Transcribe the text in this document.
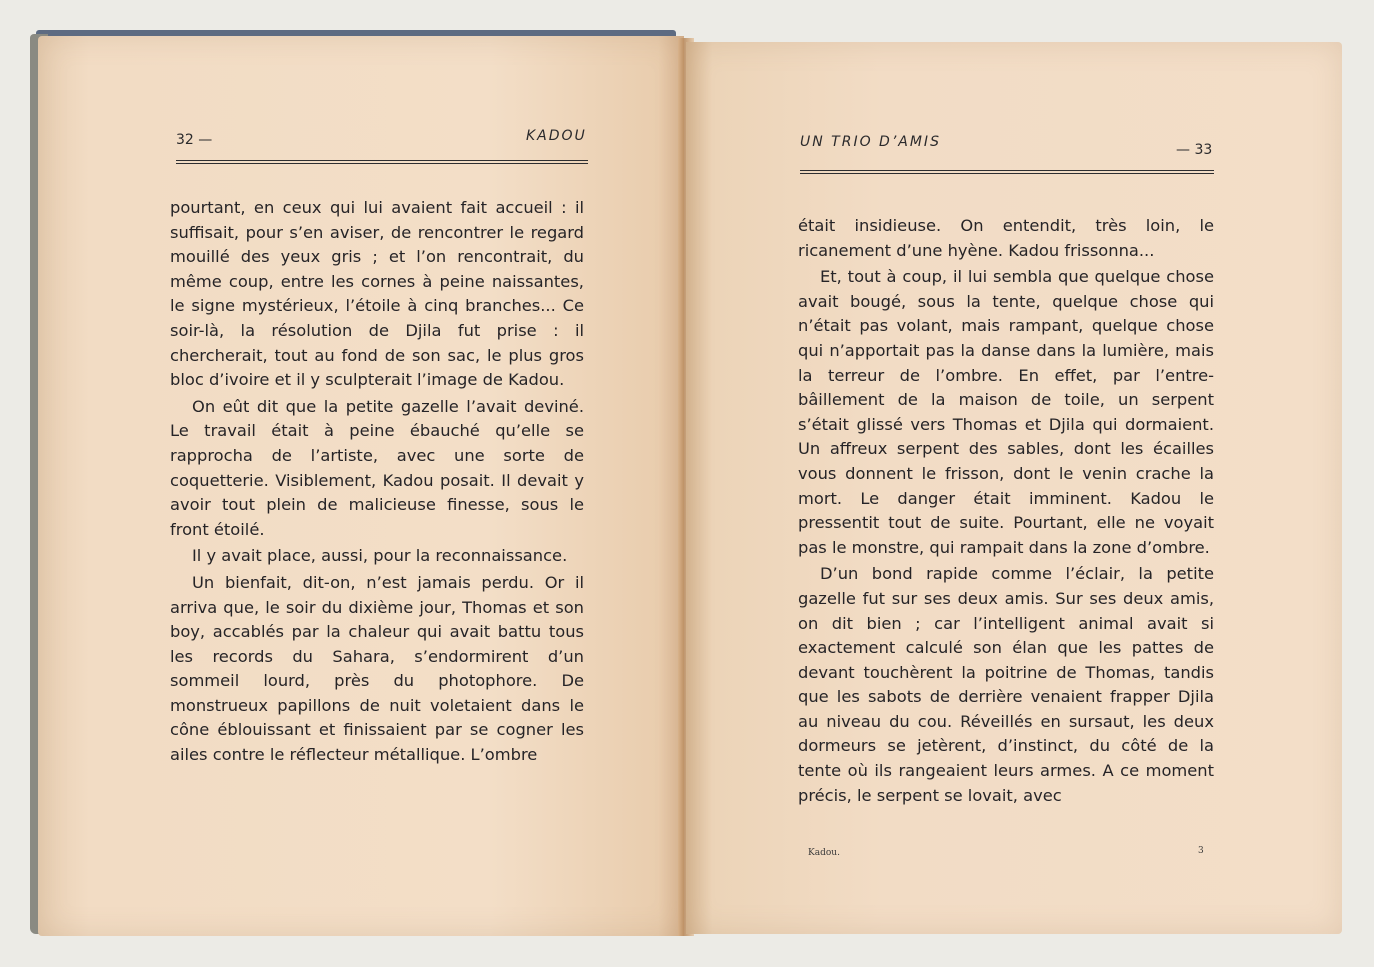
32 —	KADOU

pourtant, en ceux qui lui avaient fait accueil : il suffisait, pour s’en aviser, de rencontrer le regard mouillé des yeux gris ; et l’on rencontrait, du même coup, entre les cornes à peine naissantes, le signe mystérieux, l’étoile à cinq branches... Ce soir-là, la résolution de Djila fut prise : il chercherait, tout au fond de son sac, le plus gros bloc d’ivoire et il y sculpterait l’image de Kadou.

On eût dit que la petite gazelle l’avait deviné. Le travail était à peine ébauché qu’elle se rapprocha de l’artiste, avec une sorte de coquetterie. Visiblement, Kadou posait. Il devait y avoir tout plein de malicieuse finesse, sous le front étoilé.

Il y avait place, aussi, pour la reconnaissance.

Un bienfait, dit-on, n’est jamais perdu. Or il arriva que, le soir du dixième jour, Thomas et son boy, accablés par la chaleur qui avait battu tous les records du Sahara, s’endormirent d’un sommeil lourd, près du photophore. De monstrueux papillons de nuit voletaient dans le cône éblouissant et finissaient par se cogner les ailes contre le réflecteur métallique. L’ombre

UN TRIO D’AMIS	— 33

était insidieuse. On entendit, très loin, le ricanement d’une hyène. Kadou frissonna...

Et, tout à coup, il lui sembla que quelque chose avait bougé, sous la tente, quelque chose qui n’était pas volant, mais rampant, quelque chose qui n’apportait pas la danse dans la lumière, mais la terreur de l’ombre. En effet, par l’entre-bâillement de la maison de toile, un serpent s’était glissé vers Thomas et Djila qui dormaient. Un affreux serpent des sables, dont les écailles vous donnent le frisson, dont le venin crache la mort. Le danger était imminent. Kadou le pressentit tout de suite. Pourtant, elle ne voyait pas le monstre, qui rampait dans la zone d’ombre.

D’un bond rapide comme l’éclair, la petite gazelle fut sur ses deux amis. Sur ses deux amis, on dit bien ; car l’intelligent animal avait si exactement calculé son élan que les pattes de devant touchèrent la poitrine de Thomas, tandis que les sabots de derrière venaient frapper Djila au niveau du cou. Réveillés en sursaut, les deux dormeurs se jetèrent, d’instinct, du côté de la tente où ils rangeaient leurs armes. A ce moment précis, le serpent se lovait, avec

Kadou.	3
